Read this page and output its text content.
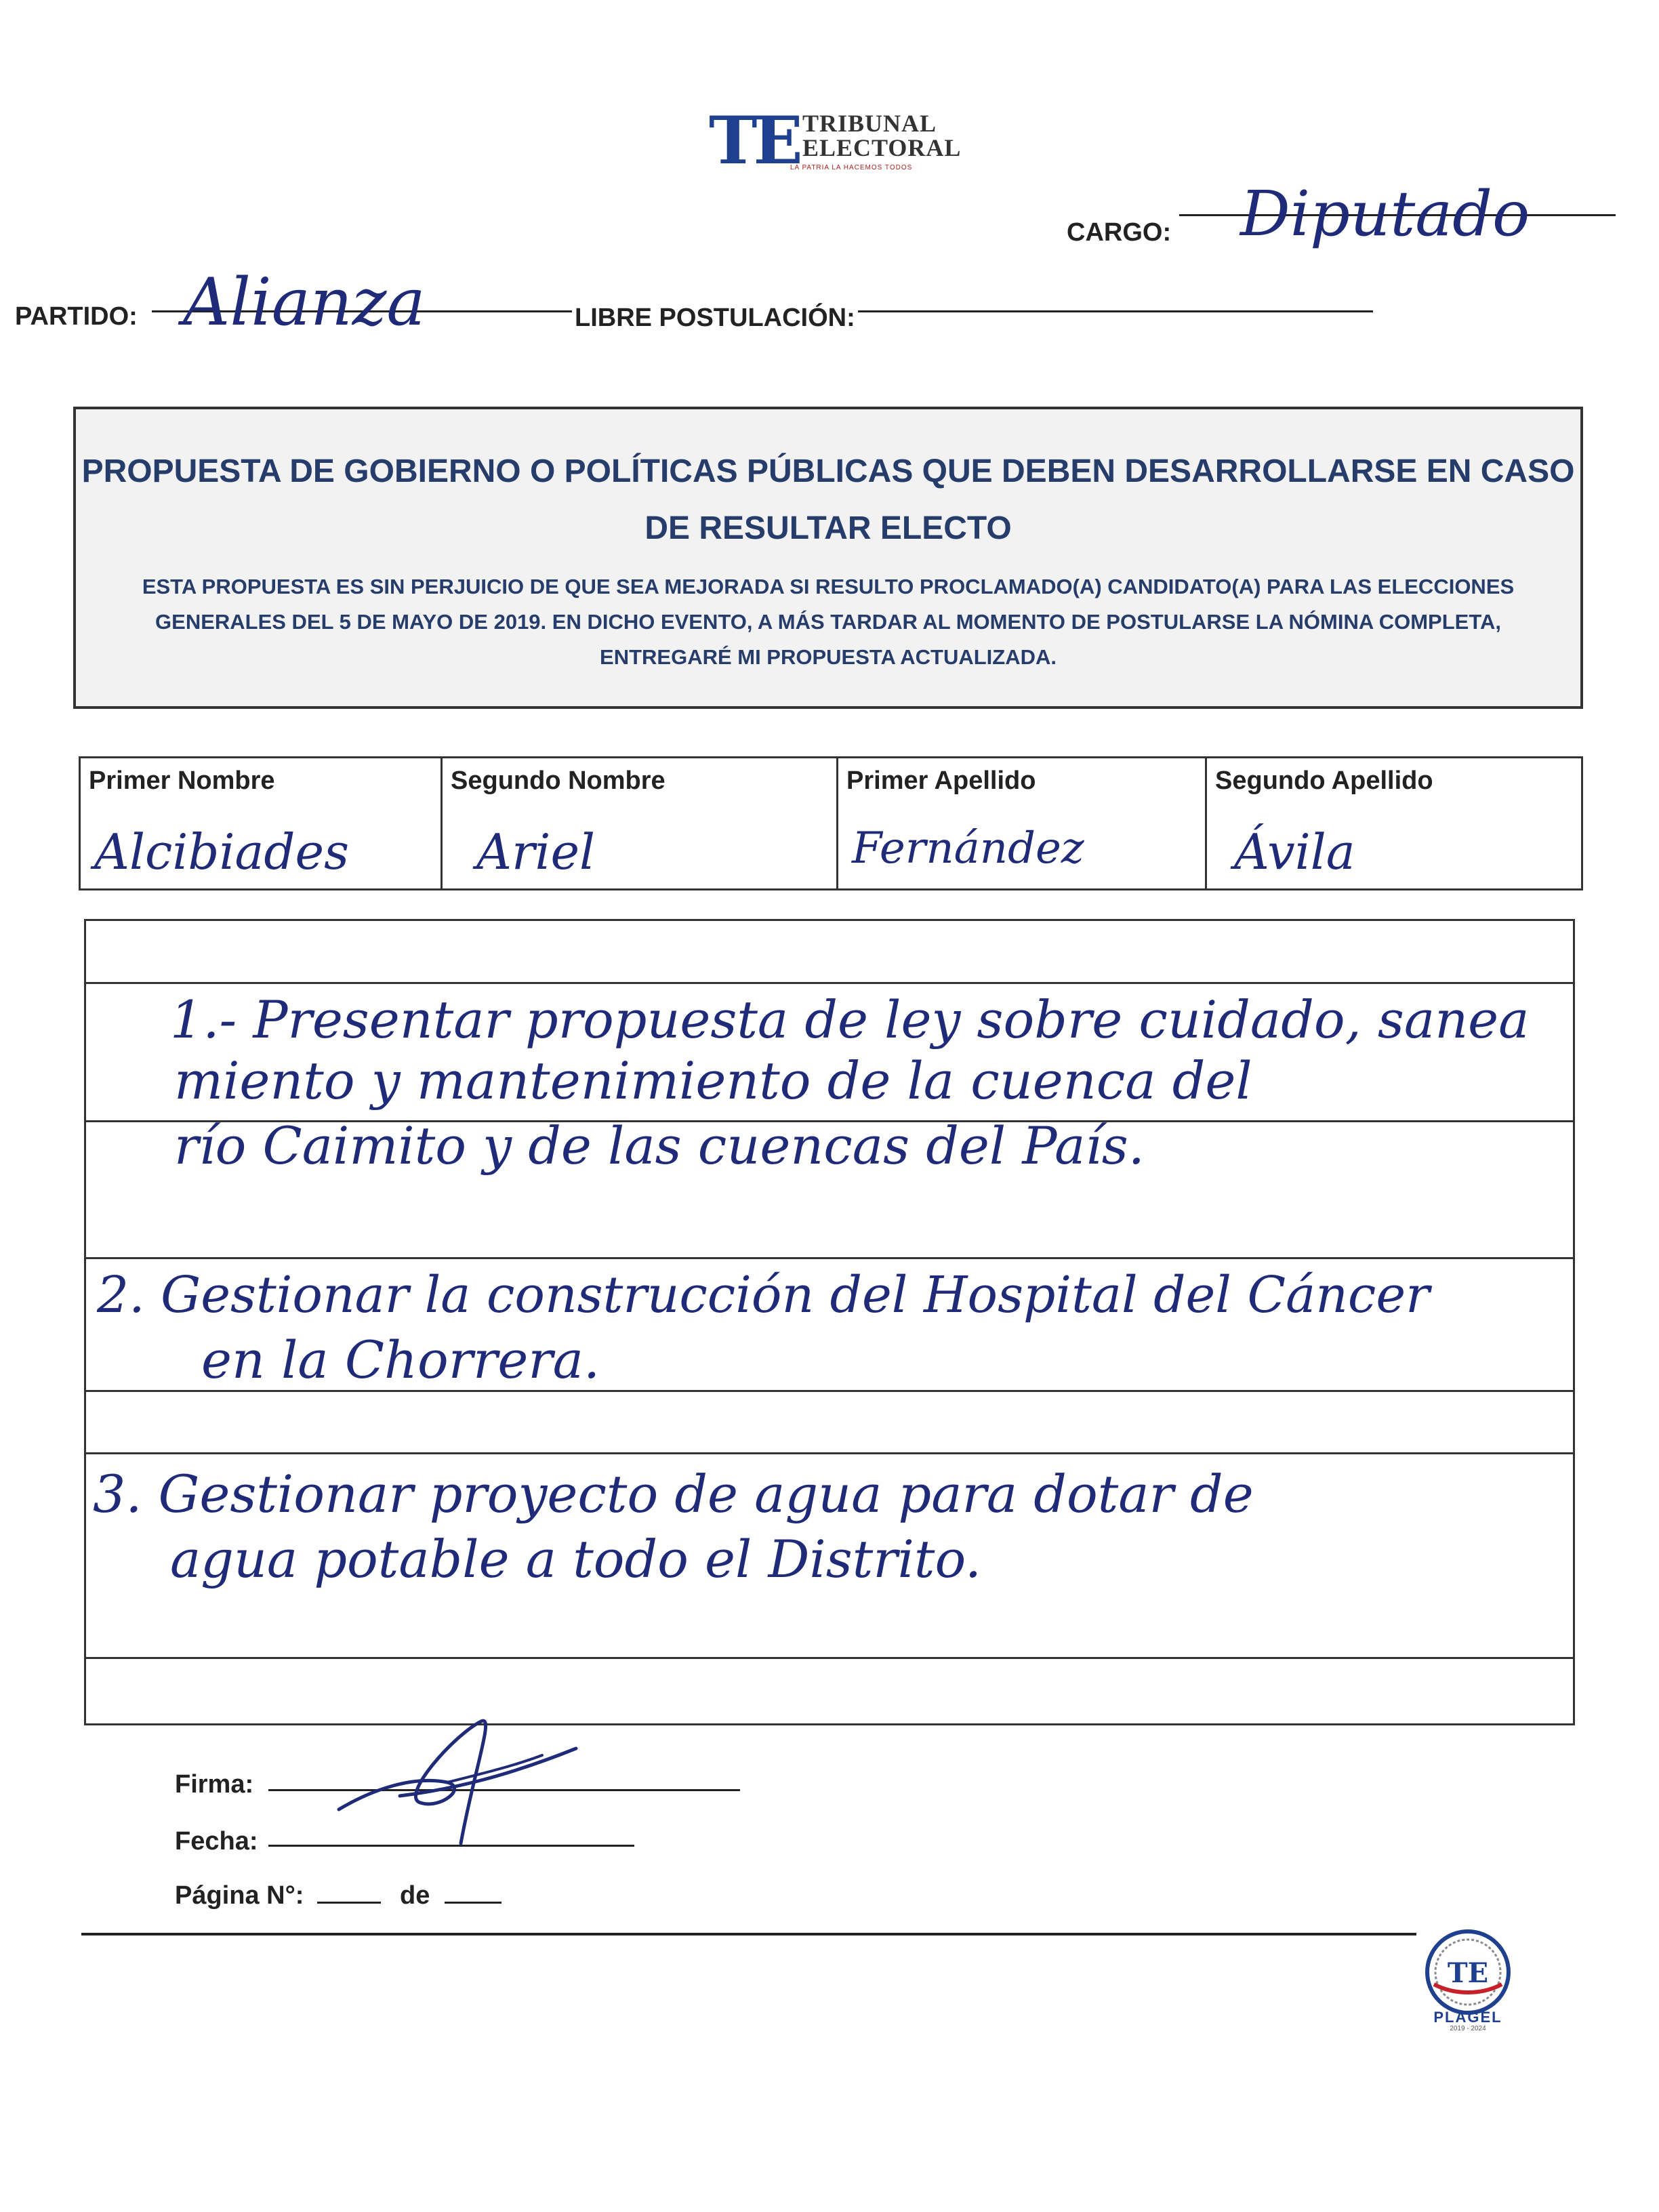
TE TRIBUNAL
ELECTORAL
LA PATRIA LA HACEMOS TODOS
CARGO: Diputado
PARTIDO: Alianza	LIBRE POSTULACIÓN:
PROPUESTA DE GOBIERNO O POLÍTICAS PÚBLICAS QUE DEBEN DESARROLLARSE EN CASO DE RESULTAR ELECTO
ESTA PROPUESTA ES SIN PERJUICIO DE QUE SEA MEJORADA SI RESULTO PROCLAMADO(A) CANDIDATO(A) PARA LAS ELECCIONES GENERALES DEL 5 DE MAYO DE 2019. EN DICHO EVENTO, A MÁS TARDAR AL MOMENTO DE POSTULARSE LA NÓMINA COMPLETA, ENTREGARÉ MI PROPUESTA ACTUALIZADA.
Primer Nombre
Alcibiades
Segundo Nombre
Ariel
Primer Apellido
Fernández
Segundo Apellido
Ávila
1.- Presentar propuesta de ley sobre cuidado, sanea
miento y mantenimiento de la cuenca del
río Caimito y de las cuencas del País.
2. Gestionar la construcción del Hospital del Cáncer
en la Chorrera.
3. Gestionar proyecto de agua para dotar de
agua potable a todo el Distrito.
Firma:
Fecha:
Página N°:	de
TE
PLAGEL
2019 - 2024
